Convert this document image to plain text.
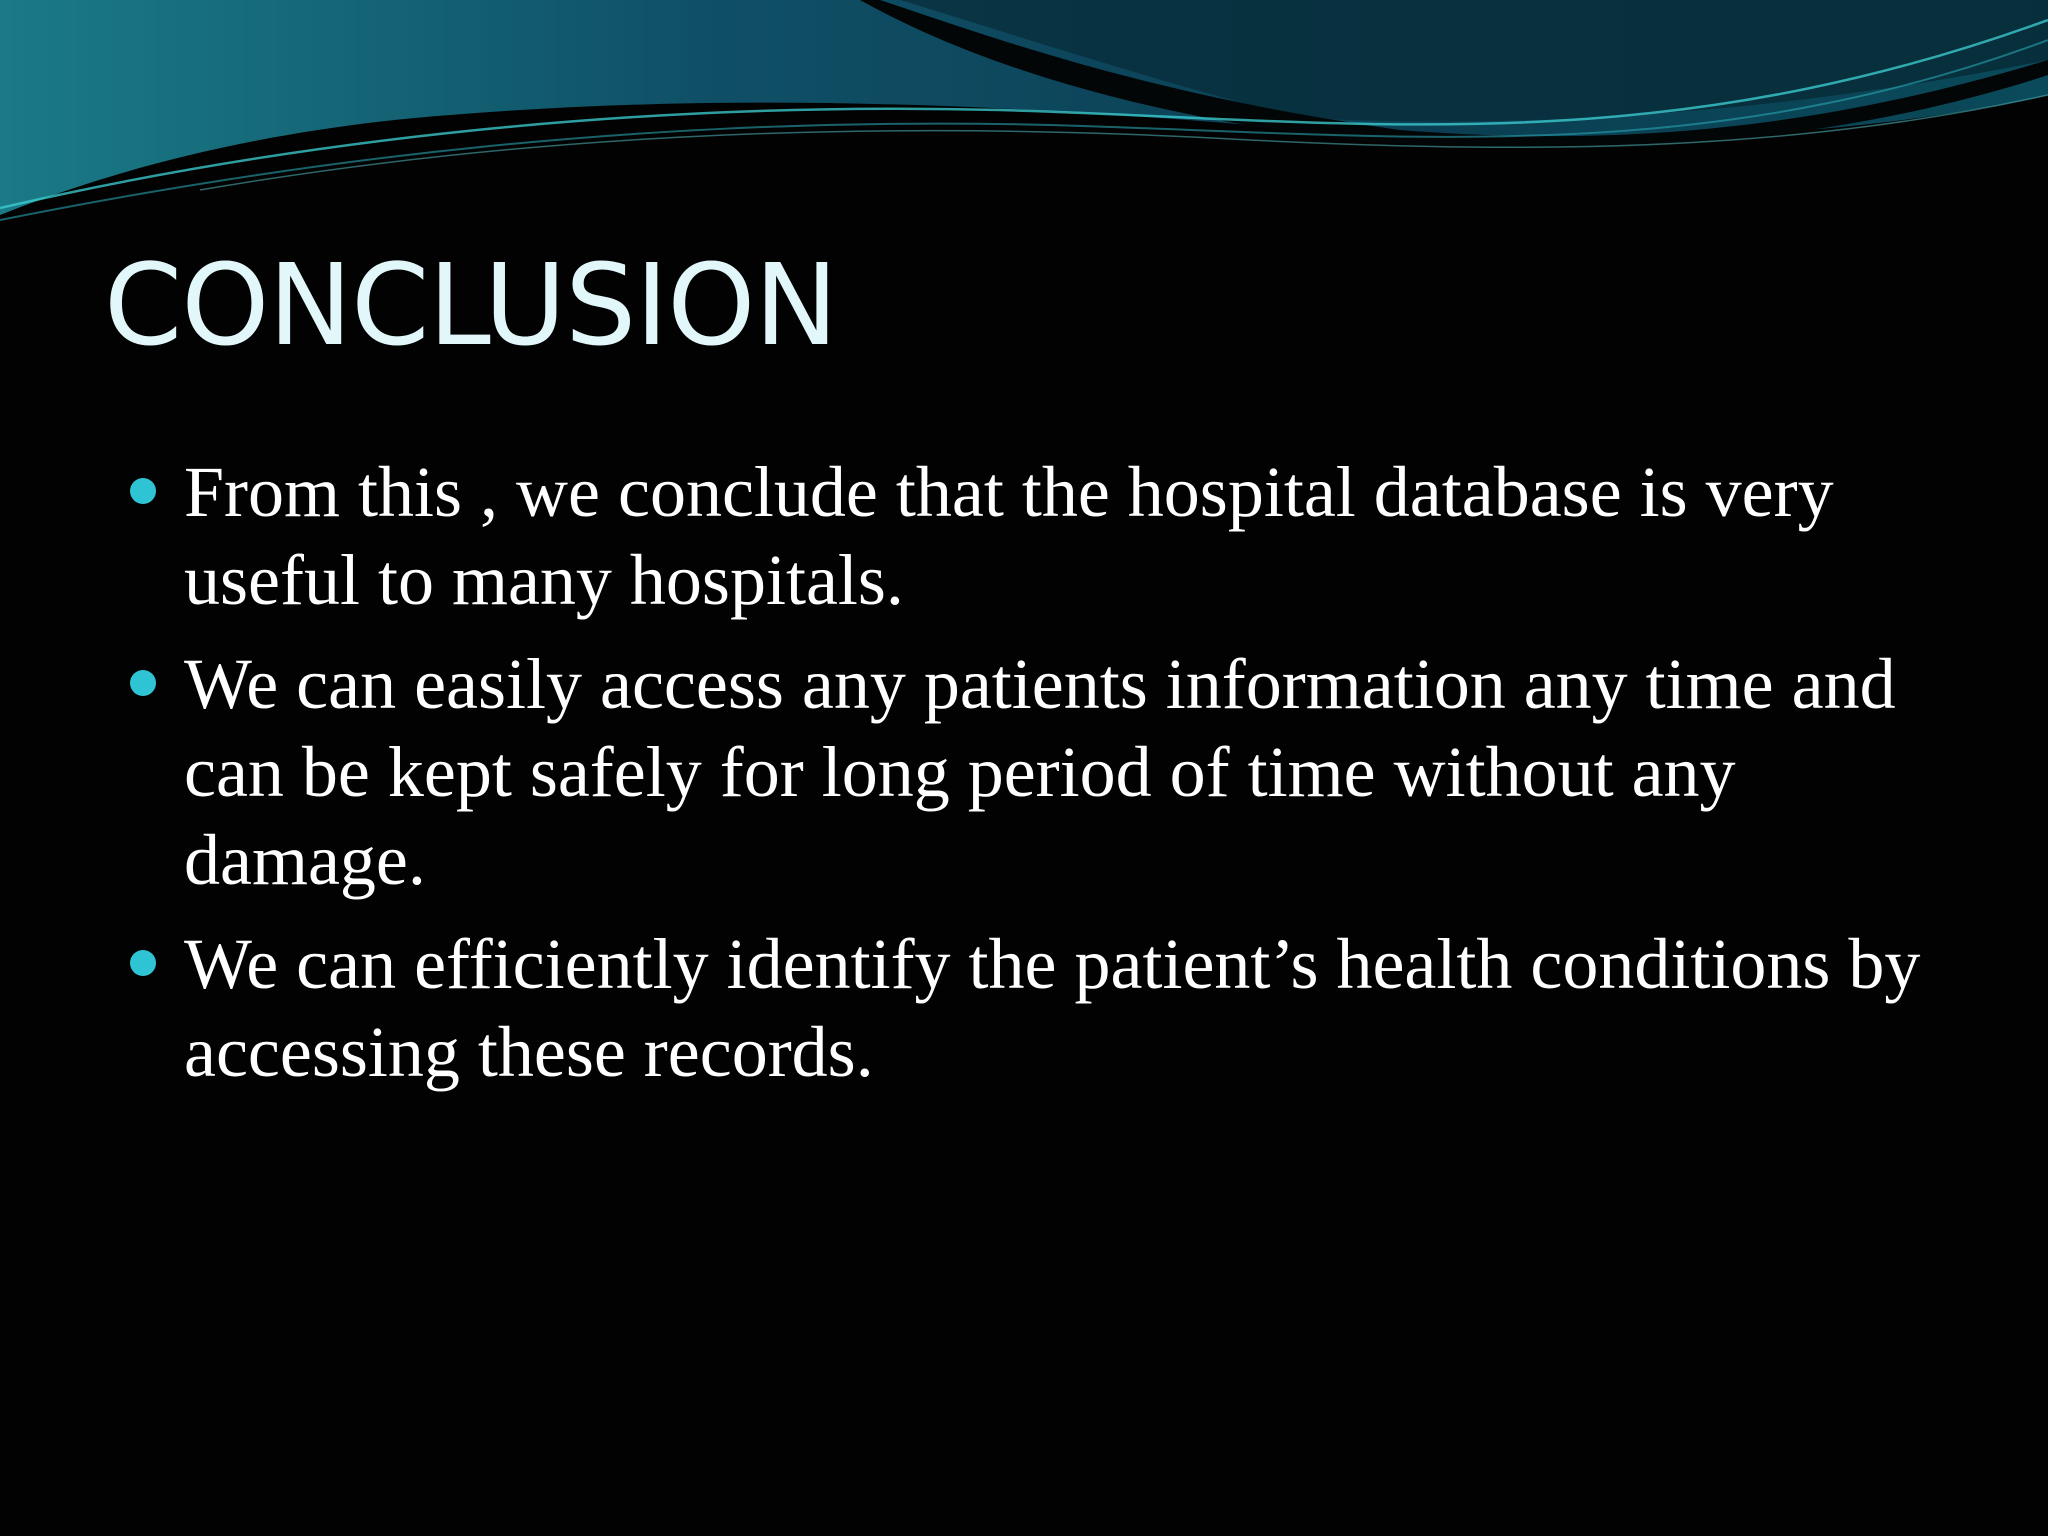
CONCLUSION
From this , we conclude that the hospital database is very useful to many hospitals.
We can easily access any patients information any time and can be kept safely for long period of time without any damage.
We can efficiently identify the patient’s health conditions by accessing these records.
